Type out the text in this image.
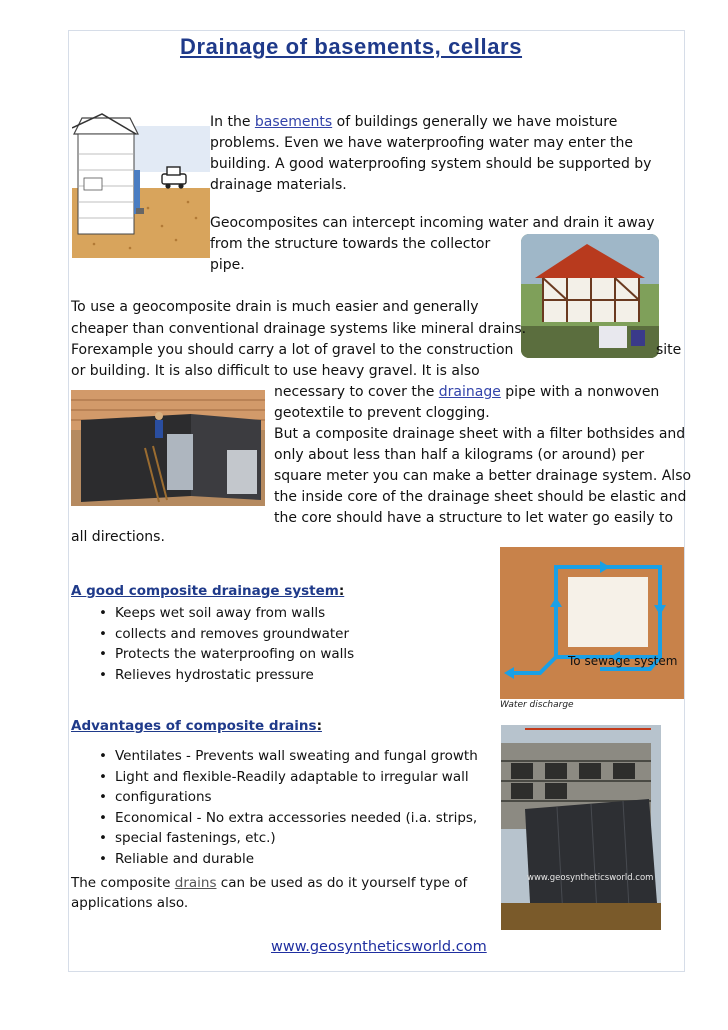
Drainage of basements, cellars

In the basements of buildings generally we have moisture

problems. Even we have waterproofing water may enter the

building. A good waterproofing system should be supported by

drainage materials.

Geocomposites can intercept incoming water and drain it away

from the structure towards the collector

pipe.

To use a geocomposite drain is much easier and generally

cheaper than conventional drainage systems like mineral drains.

Forexample you should carry a lot of gravel to the construction	site

or building. It is also difficult to use heavy gravel. It is also

necessary to cover the drainage pipe with a nonwoven

geotextile to prevent clogging.

But a composite drainage sheet with a filter bothsides and

only about less than half a kilograms (or around) per

square meter you can make a better drainage system. Also

the inside core of the drainage sheet should be elastic and

the core should have a structure to let water go easily to

all directions.

To sewage system
Water discharge

A good composite drainage system:

• Keeps wet soil away from walls
• collects and removes groundwater
• Protects the waterproofing on walls
• Relieves hydrostatic pressure

Advantages of composite drains:

• Ventilates - Prevents wall sweating and fungal growth
• Light and flexible-Readily adaptable to irregular wall
• configurations
• Economical - No extra accessories needed (i.a. strips,
• special fastenings, etc.)
• Reliable and durable
www.geosyntheticsworld.com

The composite drains can be used as do it yourself type of

applications also.

www.geosyntheticsworld.com
